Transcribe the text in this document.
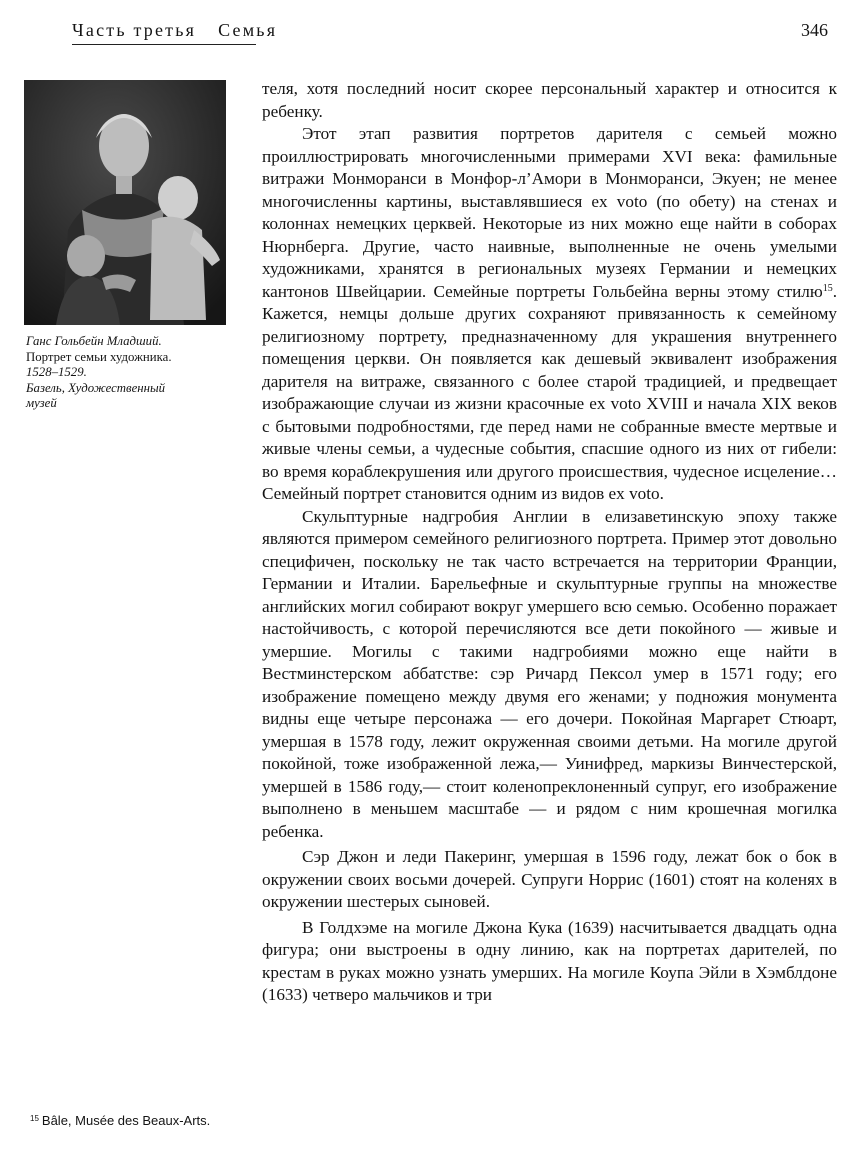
Часть третья Семья	346
Ганс Гольбейн Младший.
Портрет семьи художника.
1528–1529.
Базель, Художественный
музей

теля, хотя последний носит скорее персональный характер и относится к ребенку.

Этот этап развития портретов дарителя с семьей можно проиллюстрировать многочисленными примерами XVI века: фамильные витражи Монморанси в Монфор-л’Амори в Монморанси, Экуен; не менее многочисленны картины, выставлявшиеся ex voto (по обету) на стенах и колоннах немецких церквей. Некоторые из них можно еще найти в соборах Нюрнберга. Другие, часто наивные, выполненные не очень умелыми художниками, хранятся в региональных музеях Германии и немецких кантонов Швейцарии. Семейные портреты Гольбейна верны этому стилю$^{15}$. Кажется, немцы дольше других сохраняют привязанность к семейному религиозному портрету, предназначенному для украшения внутреннего помещения церкви. Он появляется как дешевый эквивалент изображения дарителя на витраже, связанного с более старой традицией, и предвещает изображающие случаи из жизни красочные ex voto XVIII и начала XIX веков с бытовыми подробностями, где перед нами не собранные вместе мертвые и живые члены семьи, а чудесные события, спасшие одного из них от гибели: во время кораблекрушения или другого происшествия, чудесное исцеление… Семейный портрет становится одним из видов ex voto.

Скульптурные надгробия Англии в елизаветинскую эпоху также являются примером семейного религиозного портрета. Пример этот довольно специфичен, поскольку не так часто встречается на территории Франции, Германии и Италии. Барельефные и скульптурные группы на множестве английских могил собирают вокруг умершего всю семью. Особенно поражает настойчивость, с которой перечисляются все дети покойного — живые и умершие. Могилы с такими надгробиями можно еще найти в Вестминстерском аббатстве: сэр Ричард Пексол умер в 1571 году; его изображение помещено между двумя его женами; у подножия монумента видны еще четыре персонажа — его дочери. Покойная Маргарет Стюарт, умершая в 1578 году, лежит окруженная своими детьми. На могиле другой покойной, тоже изображенной лежа,— Уинифред, маркизы Винчестерской, умершей в 1586 году,— стоит коленопреклоненный супруг, его изображение выполнено в меньшем масштабе — и рядом с ним крошечная могилка ребенка.

Сэр Джон и леди Пакеринг, умершая в 1596 году, лежат бок о бок в окружении своих восьми дочерей. Супруги Норрис (1601) стоят на коленях в окружении шестерых сыновей.

В Голдхэме на могиле Джона Кука (1639) насчитывается двадцать одна фигура; они выстроены в одну линию, как на портретах дарителей, по крестам в руках можно узнать умерших. На могиле Коупа Эйли в Хэмблдоне (1633) четверо мальчиков и три

$^{15}$ Bâle, Musée des Beaux-Arts.
